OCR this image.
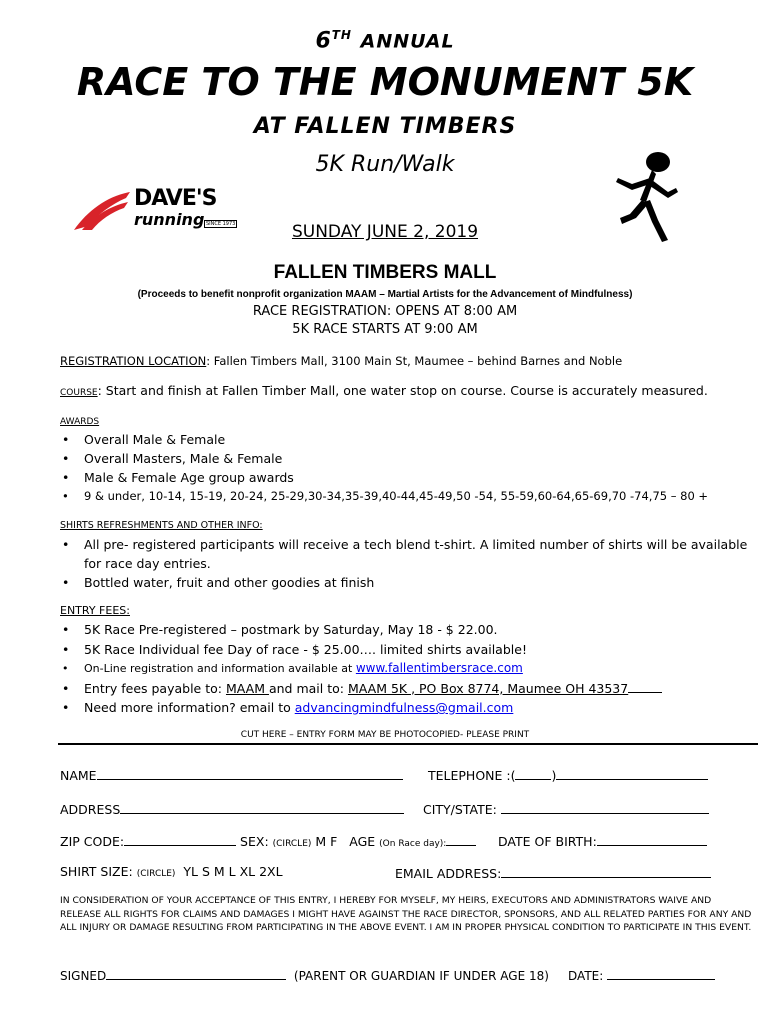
6TH ANNUAL
RACE TO THE MONUMENT 5K
AT FALLEN TIMBERS
5K Run/Walk
DAVE'S
running SINCE 1973	SUNDAY JUNE 2, 2019
FALLEN TIMBERS MALL
(Proceeds to benefit nonprofit organization MAAM – Martial Artists for the Advancement of Mindfulness)
RACE REGISTRATION: OPENS AT 8:00 AM
5K RACE STARTS AT 9:00 AM
REGISTRATION LOCATION: Fallen Timbers Mall, 3100 Main St, Maumee – behind Barnes and Noble
COURSE: Start and finish at Fallen Timber Mall, one water stop on course. Course is accurately measured.
AWARDS
• Overall Male & Female
• Overall Masters, Male & Female
• Male & Female Age group awards
• 9 & under, 10-14, 15-19, 20-24, 25-29,30-34,35-39,40-44,45-49,50 -54, 55-59,60-64,65-69,70 -74,75 – 80 +
SHIRTS REFRESHMENTS AND OTHER INFO:
• All pre- registered participants will receive a tech blend t-shirt. A limited number of shirts will be available for race day entries.
• Bottled water, fruit and other goodies at finish
ENTRY FEES:
• 5K Race Pre-registered – postmark by Saturday, May 18 - $ 22.00.
• 5K Race Individual fee Day of race - $ 25.00…. limited shirts available!
• On-Line registration and information available at www.fallentimbersrace.com
• Entry fees payable to: MAAM and mail to: MAAM 5K , PO Box 8774, Maumee OH 43537
• Need more information? email to advancingmindfulness@gmail.com
CUT HERE – ENTRY FORM MAY BE PHOTOCOPIED- PLEASE PRINT
NAME	TELEPHONE :(	)
ADDRESS	CITY/STATE:
ZIP CODE:	SEX: (CIRCLE) M F AGE (On Race day):	DATE OF BIRTH:
SHIRT SIZE: (CIRCLE) YL S M L XL 2XL	EMAIL ADDRESS:
IN CONSIDERATION OF YOUR ACCEPTANCE OF THIS ENTRY, I HEREBY FOR MYSELF, MY HEIRS, EXECUTORS AND ADMINISTRATORS WAIVE AND RELEASE ALL RIGHTS FOR CLAIMS AND DAMAGES I MIGHT HAVE AGAINST THE RACE DIRECTOR, SPONSORS, AND ALL RELATED PARTIES FOR ANY AND ALL INJURY OR DAMAGE RESULTING FROM PARTICIPATING IN THE ABOVE EVENT. I AM IN PROPER PHYSICAL CONDITION TO PARTICIPATE IN THIS EVENT.
SIGNED	(PARENT OR GUARDIAN IF UNDER AGE 18) DATE:
